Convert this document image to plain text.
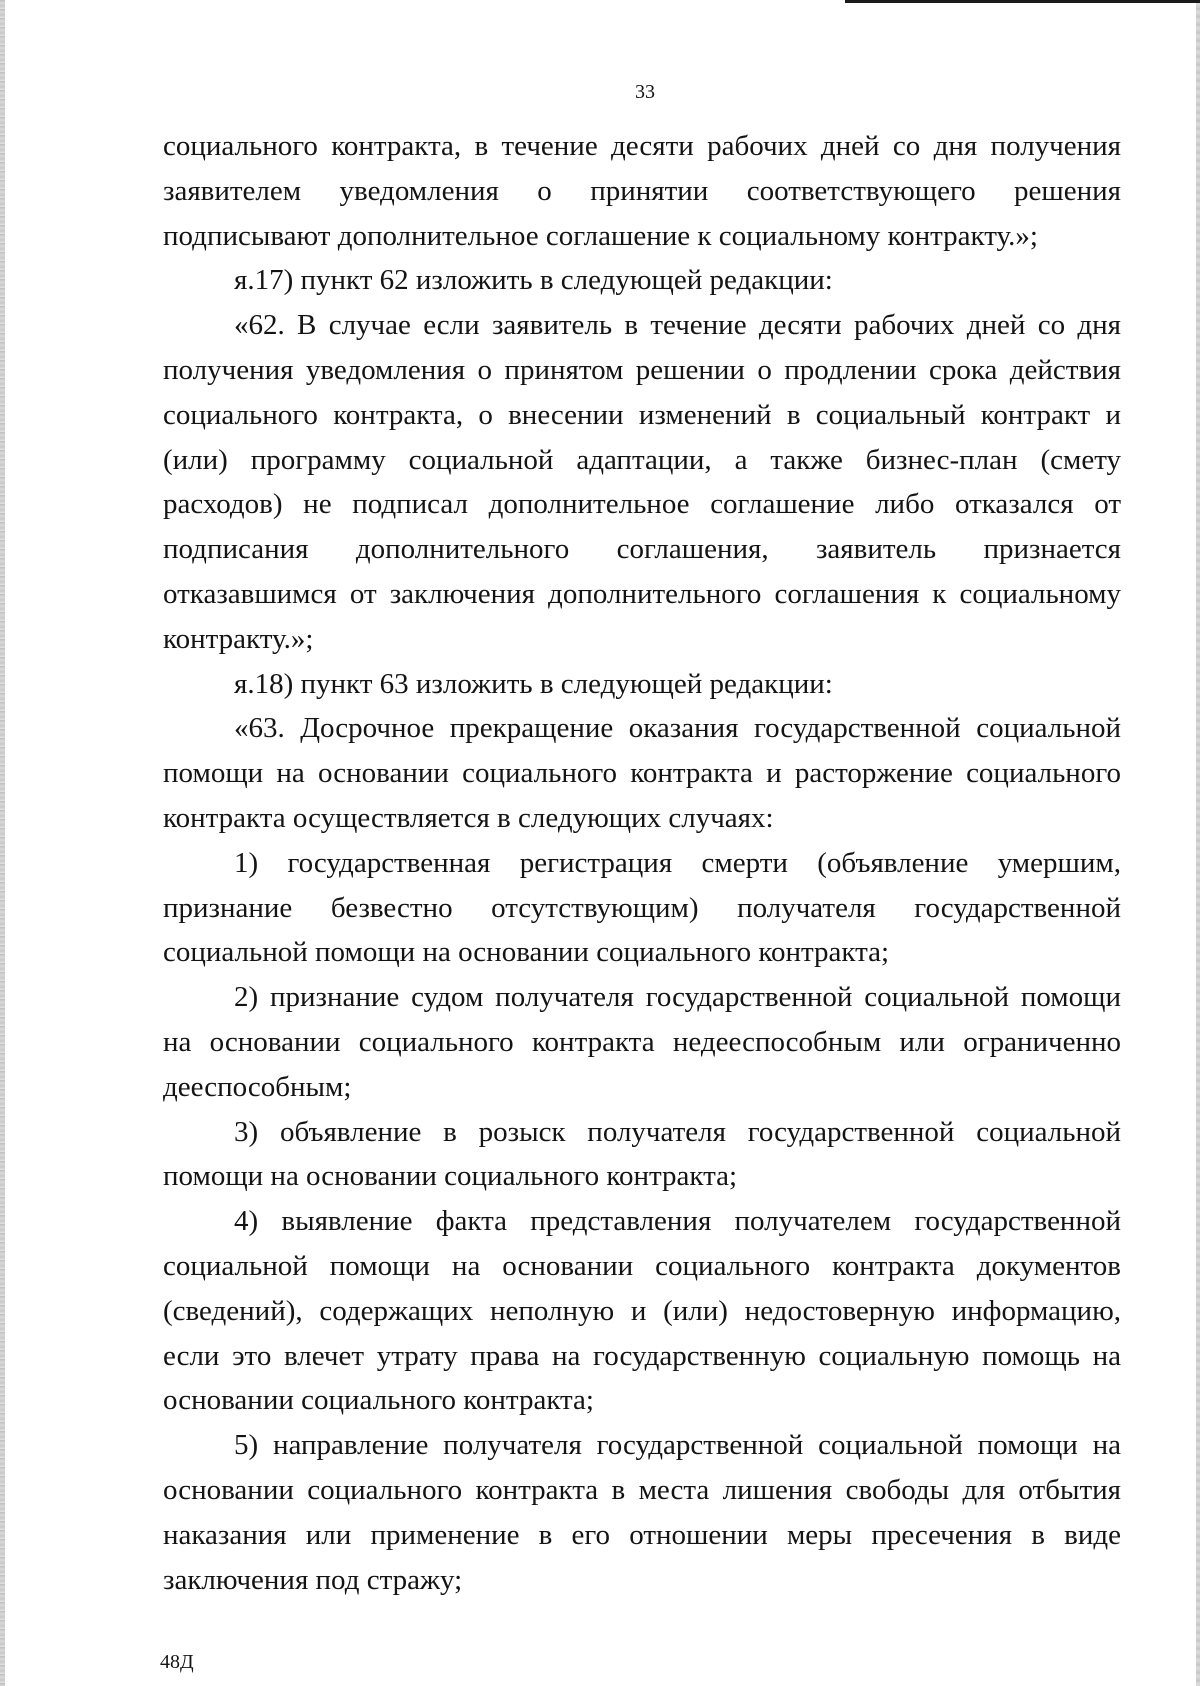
33

социального контракта, в течение десяти рабочих дней со дня получения заявителем уведомления о принятии соответствующего решения подписывают дополнительное соглашение к социальному контракту.»;

я.17) пункт 62 изложить в следующей редакции:

«62. В случае если заявитель в течение десяти рабочих дней со дня получения уведомления о принятом решении о продлении срока действия социального контракта, о внесении изменений в социальный контракт и (или) программу социальной адаптации, а также бизнес-план (смету расходов) не подписал дополнительное соглашение либо отказался от подписания дополнительного соглашения, заявитель признается отказавшимся от заключения дополнительного соглашения к социальному контракту.»;

я.18) пункт 63 изложить в следующей редакции:

«63. Досрочное прекращение оказания государственной социальной помощи на основании социального контракта и расторжение социального контракта осуществляется в следующих случаях:

1) государственная регистрация смерти (объявление умершим, признание безвестно отсутствующим) получателя государственной социальной помощи на основании социального контракта;

2) признание судом получателя государственной социальной помощи на основании социального контракта недееспособным или ограниченно дееспособным;

3) объявление в розыск получателя государственной социальной помощи на основании социального контракта;

4) выявление факта представления получателем государственной социальной помощи на основании социального контракта документов (сведений), содержащих неполную и (или) недостоверную информацию, если это влечет утрату права на государственную социальную помощь на основании социального контракта;

5) направление получателя государственной социальной помощи на основании социального контракта в места лишения свободы для отбытия наказания или применение в его отношении меры пресечения в виде заключения под стражу;

48Д
